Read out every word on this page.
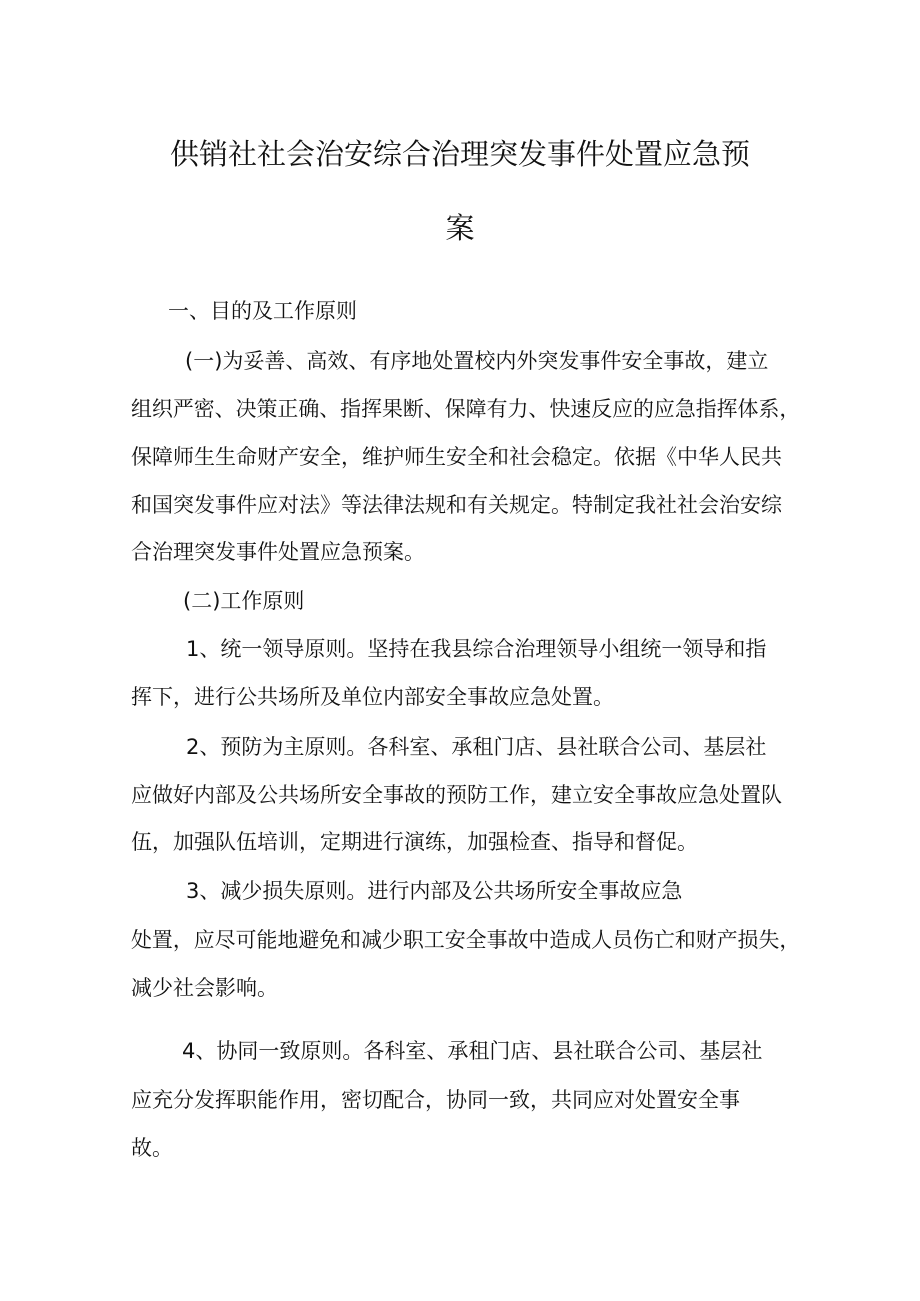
供销社社会治安综合治理突发事件处置应急预
案
一、目的及工作原则
(一)为妥善、高效、有序地处置校内外突发事件安全事故，建立
组织严密、决策正确、指挥果断、保障有力、快速反应的应急指挥体系，
保障师生生命财产安全，维护师生安全和社会稳定。依据《中华人民共
和国突发事件应对法》等法律法规和有关规定。特制定我社社会治安综
合治理突发事件处置应急预案。
(二)工作原则
1、统一领导原则。坚持在我县综合治理领导小组统一领导和指
挥下，进行公共场所及单位内部安全事故应急处置。
2、预防为主原则。各科室、承租门店、县社联合公司、基层社
应做好内部及公共场所安全事故的预防工作，建立安全事故应急处置队
伍，加强队伍培训，定期进行演练，加强检查、指导和督促。
3、减少损失原则。进行内部及公共场所安全事故应急
处置，应尽可能地避免和减少职工安全事故中造成人员伤亡和财产损失，
减少社会影响。
4、协同一致原则。各科室、承租门店、县社联合公司、基层社
应充分发挥职能作用，密切配合，协同一致，共同应对处置安全事
故。
